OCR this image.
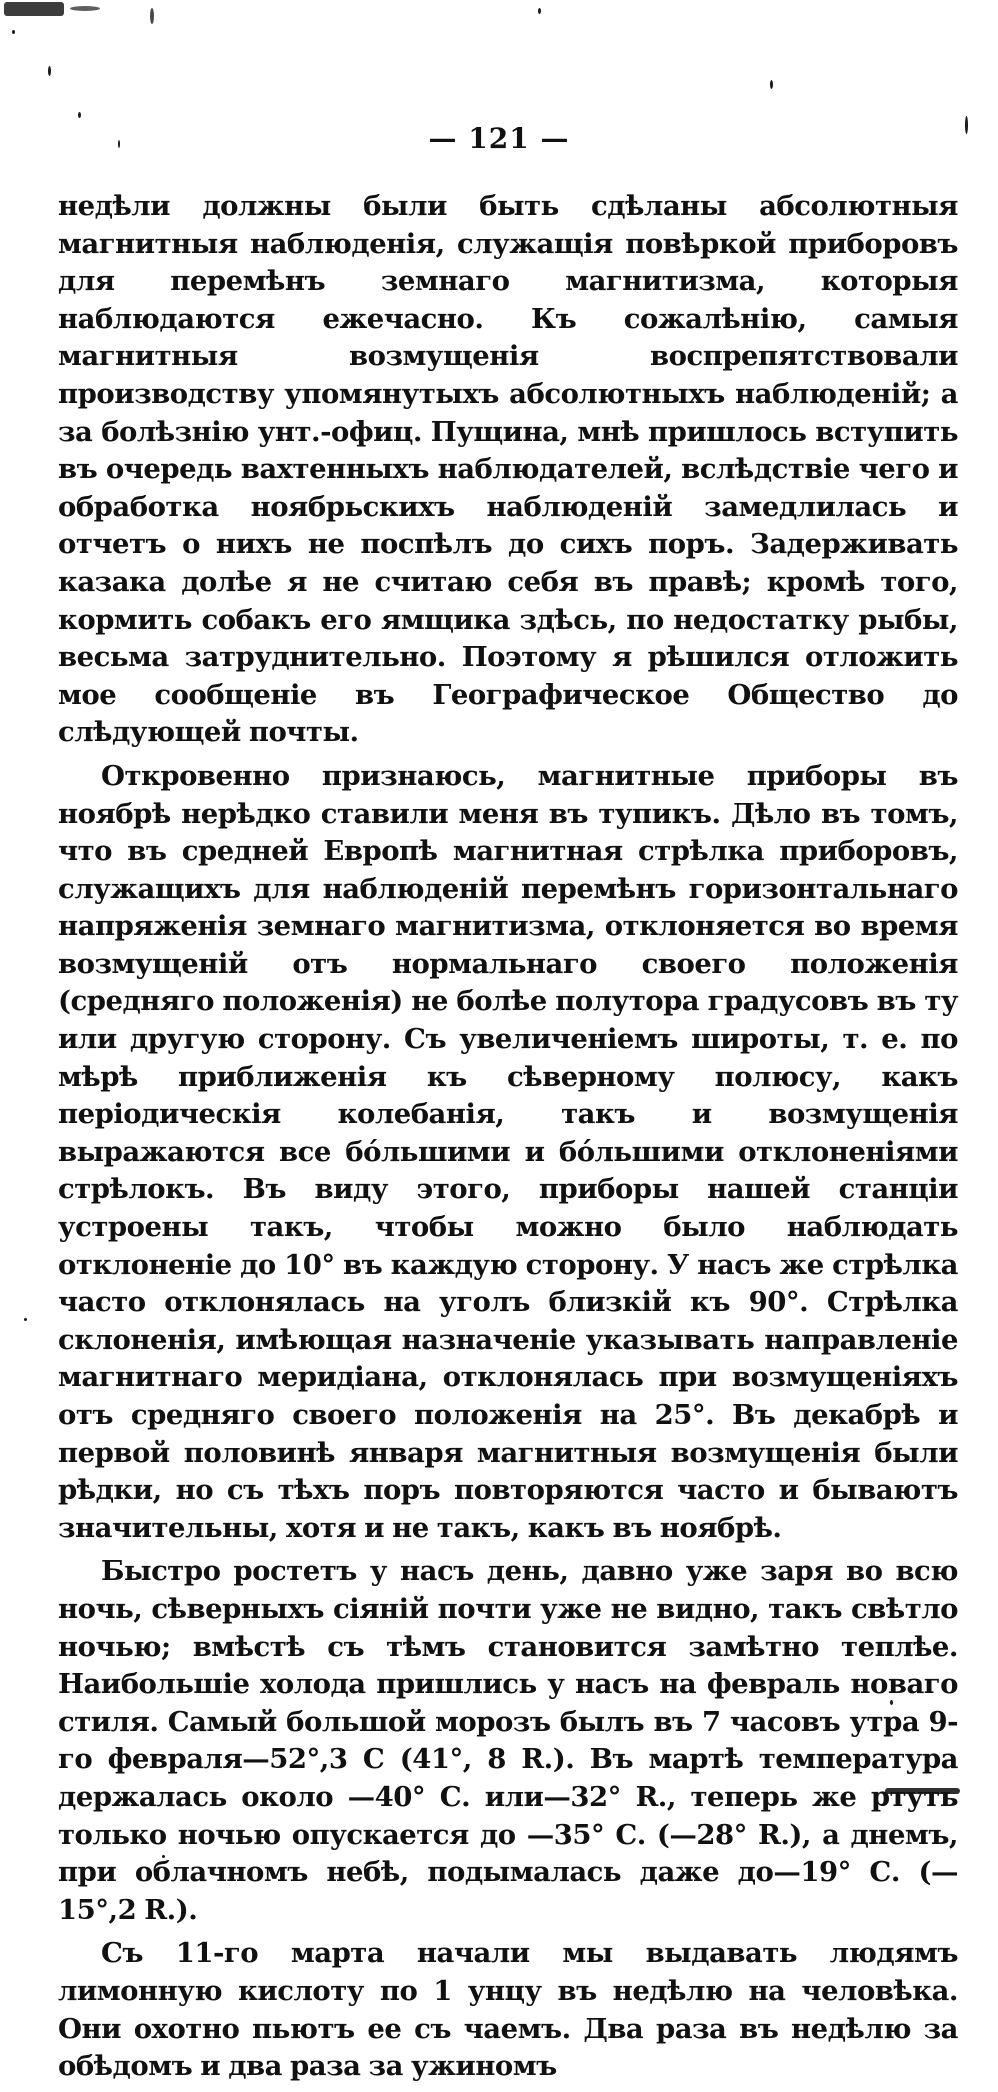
— 121 —

недѣли должны были быть сдѣланы абсолютныя магнитныя наблюденія, служащія повѣркой приборовъ для перемѣнъ земнаго магнитизма, которыя наблюдаются ежечасно. Къ сожалѣнію, самыя магнитныя возмущенія воспрепятствовали производству упомянутыхъ абсолютныхъ наблюденій; а за болѣзнію унт.-офиц. Пущина, мнѣ пришлось вступить въ очередь вахтенныхъ наблюдателей, вслѣдствіе чего и обработка ноябрьскихъ наблюденій замедлилась и отчетъ о нихъ не поспѣлъ до сихъ поръ. Задерживать казака долѣе я не считаю себя въ правѣ; кромѣ того, кормить собакъ его ямщика здѣсь, по недостатку рыбы, весьма затруднительно. Поэтому я рѣшился отложить мое сообщеніе въ Географическое Общество до слѣдующей почты.

Откровенно признаюсь, магнитные приборы въ ноябрѣ нерѣдко ставили меня въ тупикъ. Дѣло въ томъ, что въ средней Европѣ магнитная стрѣлка приборовъ, служащихъ для наблюденій перемѣнъ горизонтальнаго напряженія земнаго магнитизма, отклоняется во время возмущеній отъ нормальнаго своего положенія (средняго положенія) не болѣе полутора градусовъ въ ту или другую сторону. Съ увеличеніемъ широты, т. е. по мѣрѣ приближенія къ сѣверному полюсу, какъ періодическія колебанія, такъ и возмущенія выражаются все бо́льшими и бо́льшими отклоненіями стрѣлокъ. Въ виду этого, приборы нашей станціи устроены такъ, чтобы можно было наблюдать отклоненіе до 10° въ каждую сторону. У насъ же стрѣлка часто отклонялась на уголъ близкій къ 90°. Стрѣлка склоненія, имѣющая назначеніе указывать направленіе магнитнаго меридіана, отклонялась при возмущеніяхъ отъ средняго своего положенія на 25°. Въ декабрѣ и первой половинѣ января магнитныя возмущенія были рѣдки, но съ тѣхъ поръ повторяются часто и бываютъ значительны, хотя и не такъ, какъ въ ноябрѣ.

Быстро ростетъ у насъ день, давно уже заря во всю ночь, сѣверныхъ сіяній почти уже не видно, такъ свѣтло ночью; вмѣстѣ съ тѣмъ становится замѣтно теплѣе. Наибольшіе холода пришлись у насъ на февраль новаго стиля. Самый большой морозъ былъ въ 7 часовъ утра 9-го февраля—52°,3 С (41°, 8 R.). Въ мартѣ температура держалась около —40° С. или—32° R., теперь же ртуть только ночью опускается до —35° С. (—28° R.), а днемъ, при облачномъ небѣ, подымалась даже до—19° С. (—15°,2 R.).

Съ 11-го марта начали мы выдавать людямъ лимонную кислоту по 1 унцу въ недѣлю на человѣка. Они охотно пьютъ ее съ чаемъ. Два раза въ недѣлю за обѣдомъ и два раза за ужиномъ
